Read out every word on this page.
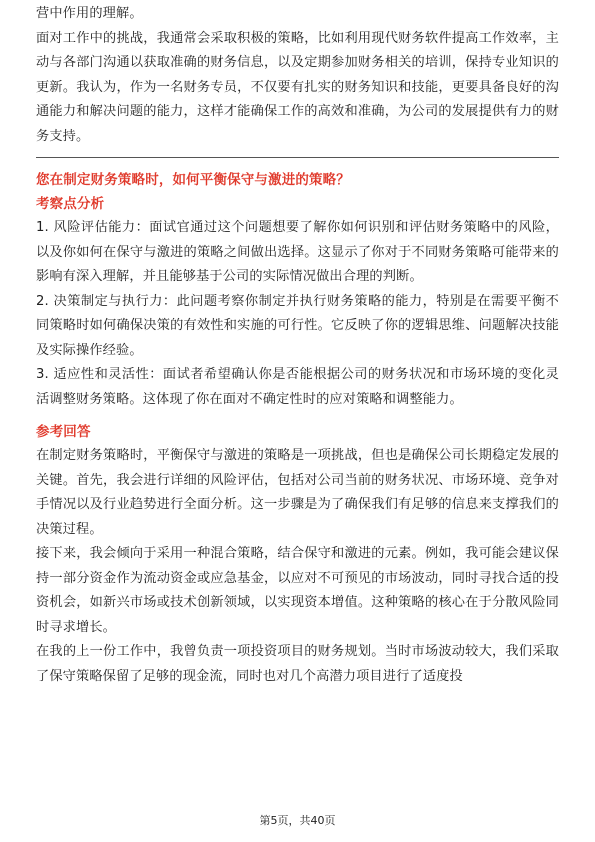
营中作用的理解。

面对工作中的挑战，我通常会采取积极的策略，比如利用现代财务软件提高工作效率，主动与各部门沟通以获取准确的财务信息，以及定期参加财务相关的培训，保持专业知识的更新。我认为，作为一名财务专员，不仅要有扎实的财务知识和技能，更要具备良好的沟通能力和解决问题的能力，这样才能确保工作的高效和准确，为公司的发展提供有力的财务支持。

您在制定财务策略时，如何平衡保守与激进的策略？

考察点分析

1. 风险评估能力：面试官通过这个问题想要了解你如何识别和评估财务策略中的风险，以及你如何在保守与激进的策略之间做出选择。这显示了你对于不同财务策略可能带来的影响有深入理解，并且能够基于公司的实际情况做出合理的判断。

2. 决策制定与执行力：此问题考察你制定并执行财务策略的能力，特别是在需要平衡不同策略时如何确保决策的有效性和实施的可行性。它反映了你的逻辑思维、问题解决技能及实际操作经验。

3. 适应性和灵活性：面试者希望确认你是否能根据公司的财务状况和市场环境的变化灵活调整财务策略。这体现了你在面对不确定性时的应对策略和调整能力。

参考回答

在制定财务策略时，平衡保守与激进的策略是一项挑战，但也是确保公司长期稳定发展的关键。首先，我会进行详细的风险评估，包括对公司当前的财务状况、市场环境、竞争对手情况以及行业趋势进行全面分析。这一步骤是为了确保我们有足够的信息来支撑我们的决策过程。

接下来，我会倾向于采用一种混合策略，结合保守和激进的元素。例如，我可能会建议保持一部分资金作为流动资金或应急基金，以应对不可预见的市场波动，同时寻找合适的投资机会，如新兴市场或技术创新领域，以实现资本增值。这种策略的核心在于分散风险同时寻求增长。

在我的上一份工作中，我曾负责一项投资项目的财务规划。当时市场波动较大，我们采取了保守策略保留了足够的现金流，同时也对几个高潜力项目进行了适度投

第5页，共40页
